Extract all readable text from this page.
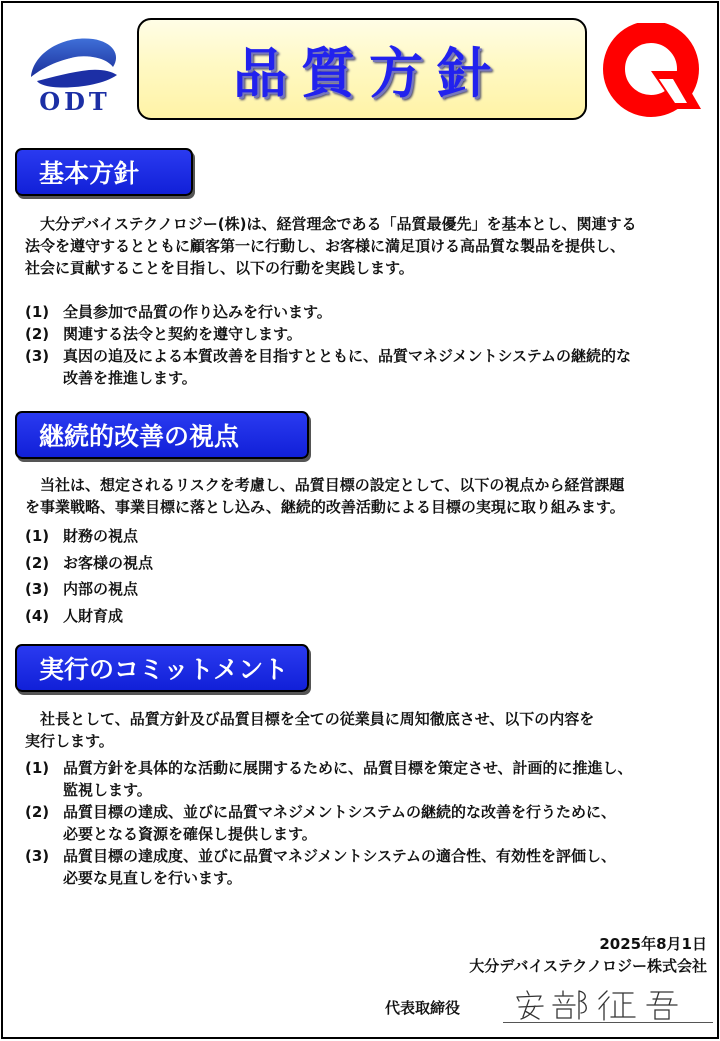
ODT	品質方針
基本方針
大分デバイステクノロジー(株)は、経営理念である「品質最優先」を基本とし、関連する
法令を遵守するとともに顧客第一に行動し、お客様に満足頂ける高品質な製品を提供し、
社会に貢献することを目指し、以下の行動を実践します。
(1) 全員参加で品質の作り込みを行います。
(2) 関連する法令と契約を遵守します。
(3) 真因の追及による本質改善を目指すとともに、品質マネジメントシステムの継続的な
改善を推進します。
継続的改善の視点
当社は、想定されるリスクを考慮し、品質目標の設定として、以下の視点から経営課題
を事業戦略、事業目標に落とし込み、継続的改善活動による目標の実現に取り組みます。
(1) 財務の視点
(2) お客様の視点
(3) 内部の視点
(4) 人財育成
実行のコミットメント
社長として、品質方針及び品質目標を全ての従業員に周知徹底させ、以下の内容を
実行します。
(1) 品質方針を具体的な活動に展開するために、品質目標を策定させ、計画的に推進し、
監視します。
(2) 品質目標の達成、並びに品質マネジメントシステムの継続的な改善を行うために、
必要となる資源を確保し提供します。
(3) 品質目標の達成度、並びに品質マネジメントシステムの適合性、有効性を評価し、
必要な見直しを行います。
2025年8月1日
大分デバイステクノロジー株式会社
代表取締役
